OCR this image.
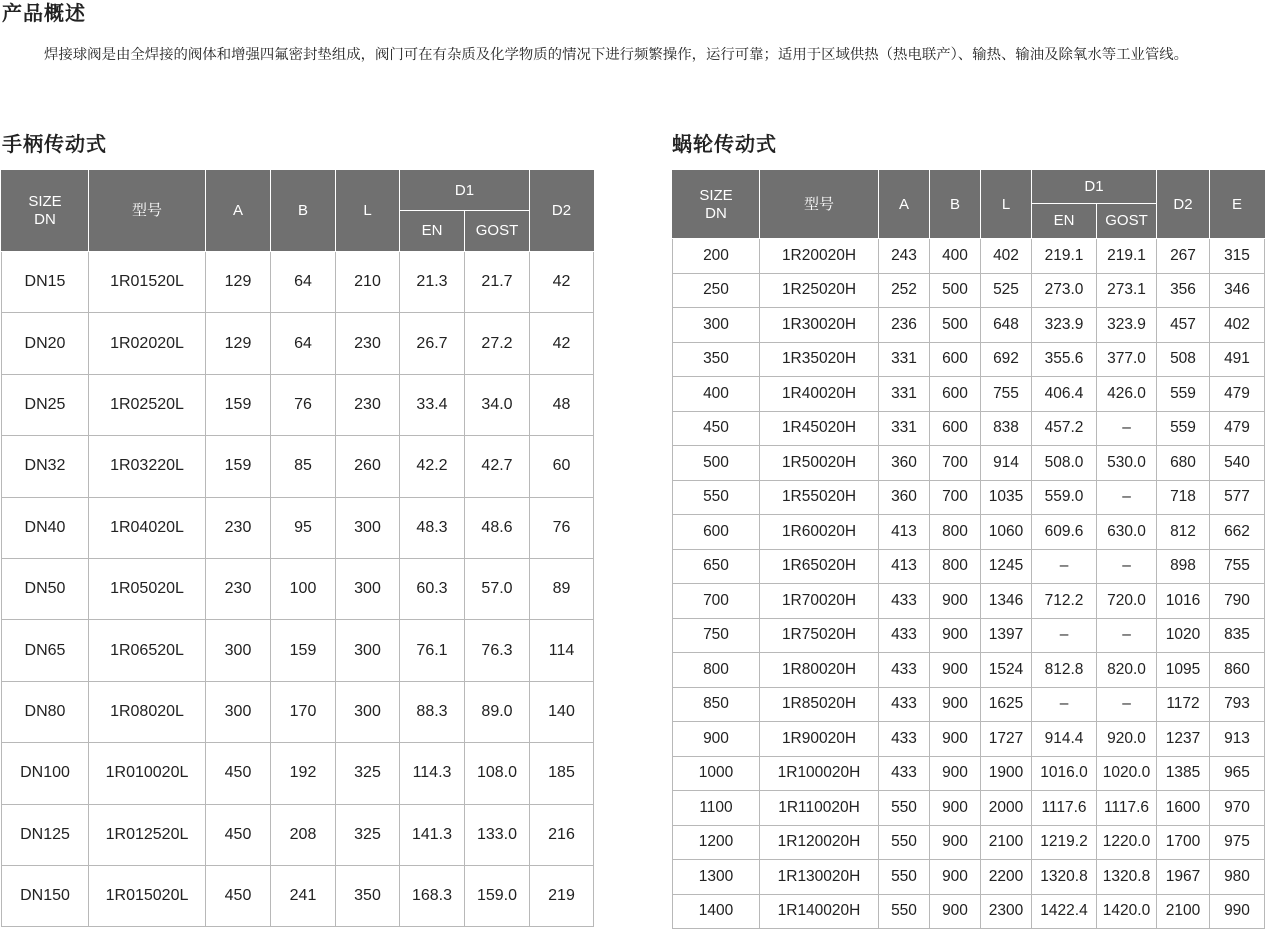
产品概述
焊接球阀是由全焊接的阀体和增强四氟密封垫组成，阀门可在有杂质及化学物质的情况下进行频繁操作，运行可靠；适用于区域供热（热电联产）、输热、输油及除氧水等工业管线。
手柄传动式
SIZE
DN	型号	A	B	L	D1		D2
					EN	GOST	
DN15	1R01520L	129	64	210	21.3	21.7	42
DN20	1R02020L	129	64	230	26.7	27.2	42
DN25	1R02520L	159	76	230	33.4	34.0	48
DN32	1R03220L	159	85	260	42.2	42.7	60
DN40	1R04020L	230	95	300	48.3	48.6	76
DN50	1R05020L	230	100	300	60.3	57.0	89
DN65	1R06520L	300	159	300	76.1	76.3	114
DN80	1R08020L	300	170	300	88.3	89.0	140
DN100	1R010020L	450	192	325	114.3	108.0	185
DN125	1R012520L	450	208	325	141.3	133.0	216
DN150	1R015020L	450	241	350	168.3	159.0	219
蜗轮传动式
SIZE
DN	型号	A	B	L	D1		D2	E
					EN	GOST		
200	1R20020H	243	400	402	219.1	219.1	267	315
250	1R25020H	252	500	525	273.0	273.1	356	346
300	1R30020H	236	500	648	323.9	323.9	457	402
350	1R35020H	331	600	692	355.6	377.0	508	491
400	1R40020H	331	600	755	406.4	426.0	559	479
450	1R45020H	331	600	838	457.2	–	559	479
500	1R50020H	360	700	914	508.0	530.0	680	540
550	1R55020H	360	700	1035	559.0	–	718	577
600	1R60020H	413	800	1060	609.6	630.0	812	662
650	1R65020H	413	800	1245	–	–	898	755
700	1R70020H	433	900	1346	712.2	720.0	1016	790
750	1R75020H	433	900	1397	–	–	1020	835
800	1R80020H	433	900	1524	812.8	820.0	1095	860
850	1R85020H	433	900	1625	–	–	1172	793
900	1R90020H	433	900	1727	914.4	920.0	1237	913
1000	1R100020H	433	900	1900	1016.0	1020.0	1385	965
1100	1R110020H	550	900	2000	1117.6	1117.6	1600	970
1200	1R120020H	550	900	2100	1219.2	1220.0	1700	975
1300	1R130020H	550	900	2200	1320.8	1320.8	1967	980
1400	1R140020H	550	900	2300	1422.4	1420.0	2100	990
